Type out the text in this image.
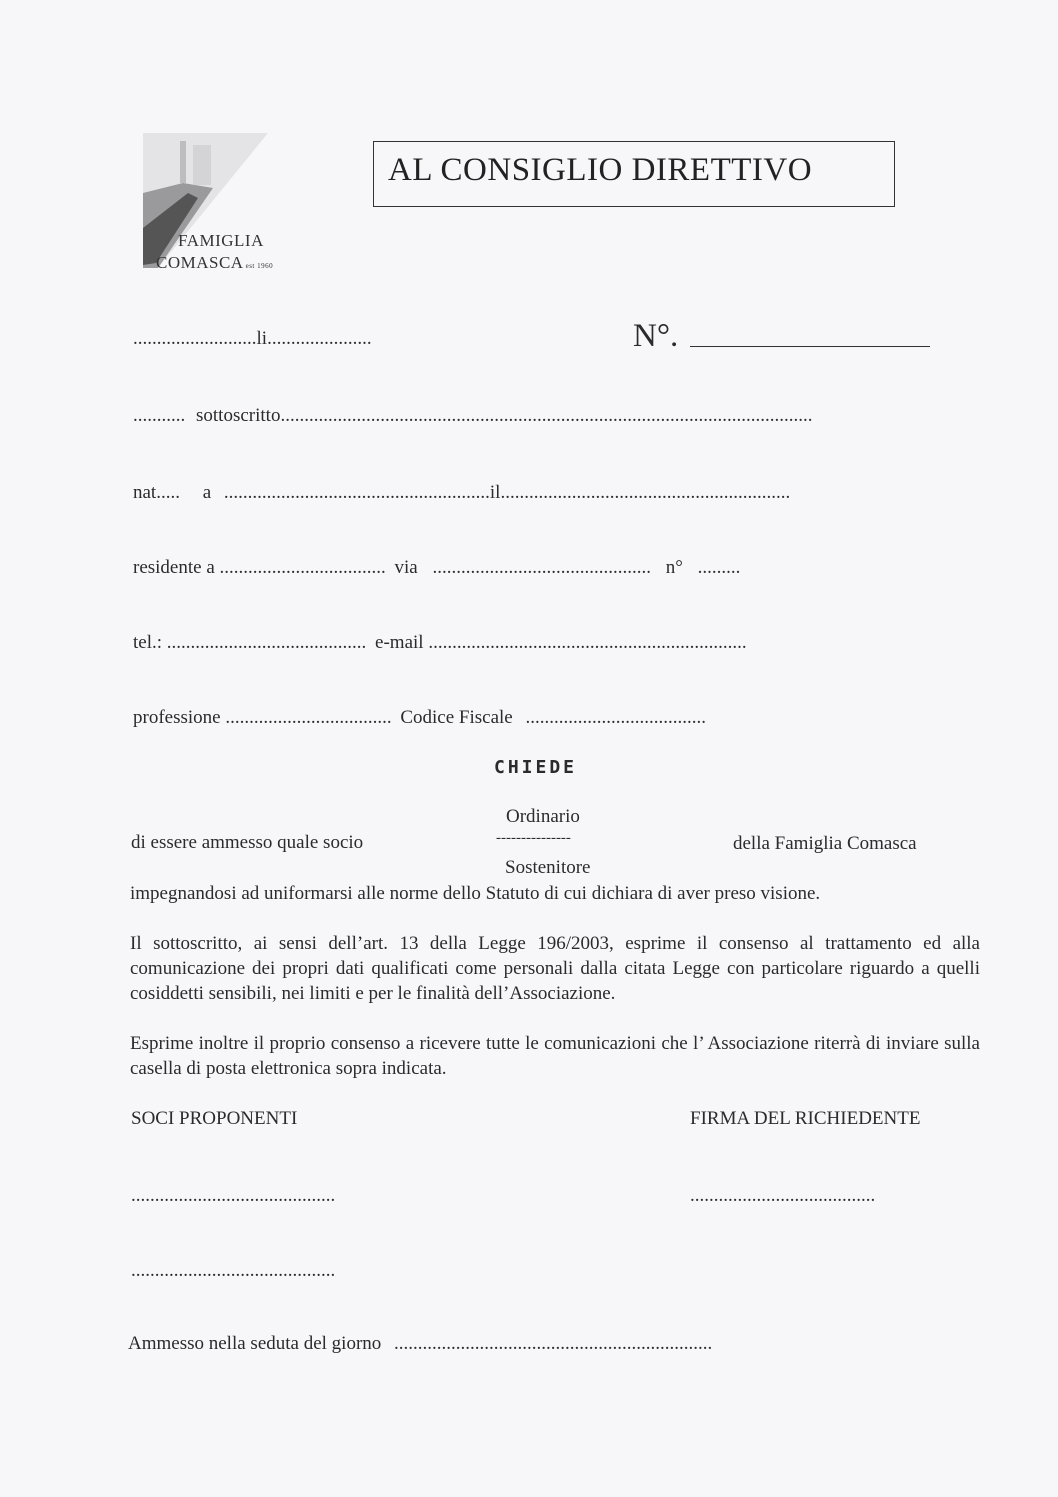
FAMIGLIA
COMASCA est 1960
AL CONSIGLIO DIRETTIVO
..........................li......................	N°.
........... sottoscritto................................................................................................................
nat..... a ........................................................il.............................................................
residente a ................................... via .............................................. n° .........
tel.: .......................................... e-mail ...................................................................
professione ................................... Codice Fiscale ......................................
CHIEDE
Ordinario
di essere ammesso quale socio	---------------	della Famiglia Comasca
Sostenitore
impegnandosi ad uniformarsi alle norme dello Statuto di cui dichiara di aver preso visione.
Il sottoscritto, ai sensi dell’art. 13 della Legge 196/2003, esprime il consenso al trattamento ed alla comunicazione dei propri dati qualificati come personali dalla citata Legge con particolare riguardo a quelli cosiddetti sensibili, nei limiti e per le finalità dell’Associazione.
Esprime inoltre il proprio consenso a ricevere tutte le comunicazioni che l’ Associazione riterrà di inviare sulla casella di posta elettronica sopra indicata.
SOCI PROPONENTI	FIRMA DEL RICHIEDENTE
...........................................	.......................................
...........................................
Ammesso nella seduta del giorno ...................................................................
